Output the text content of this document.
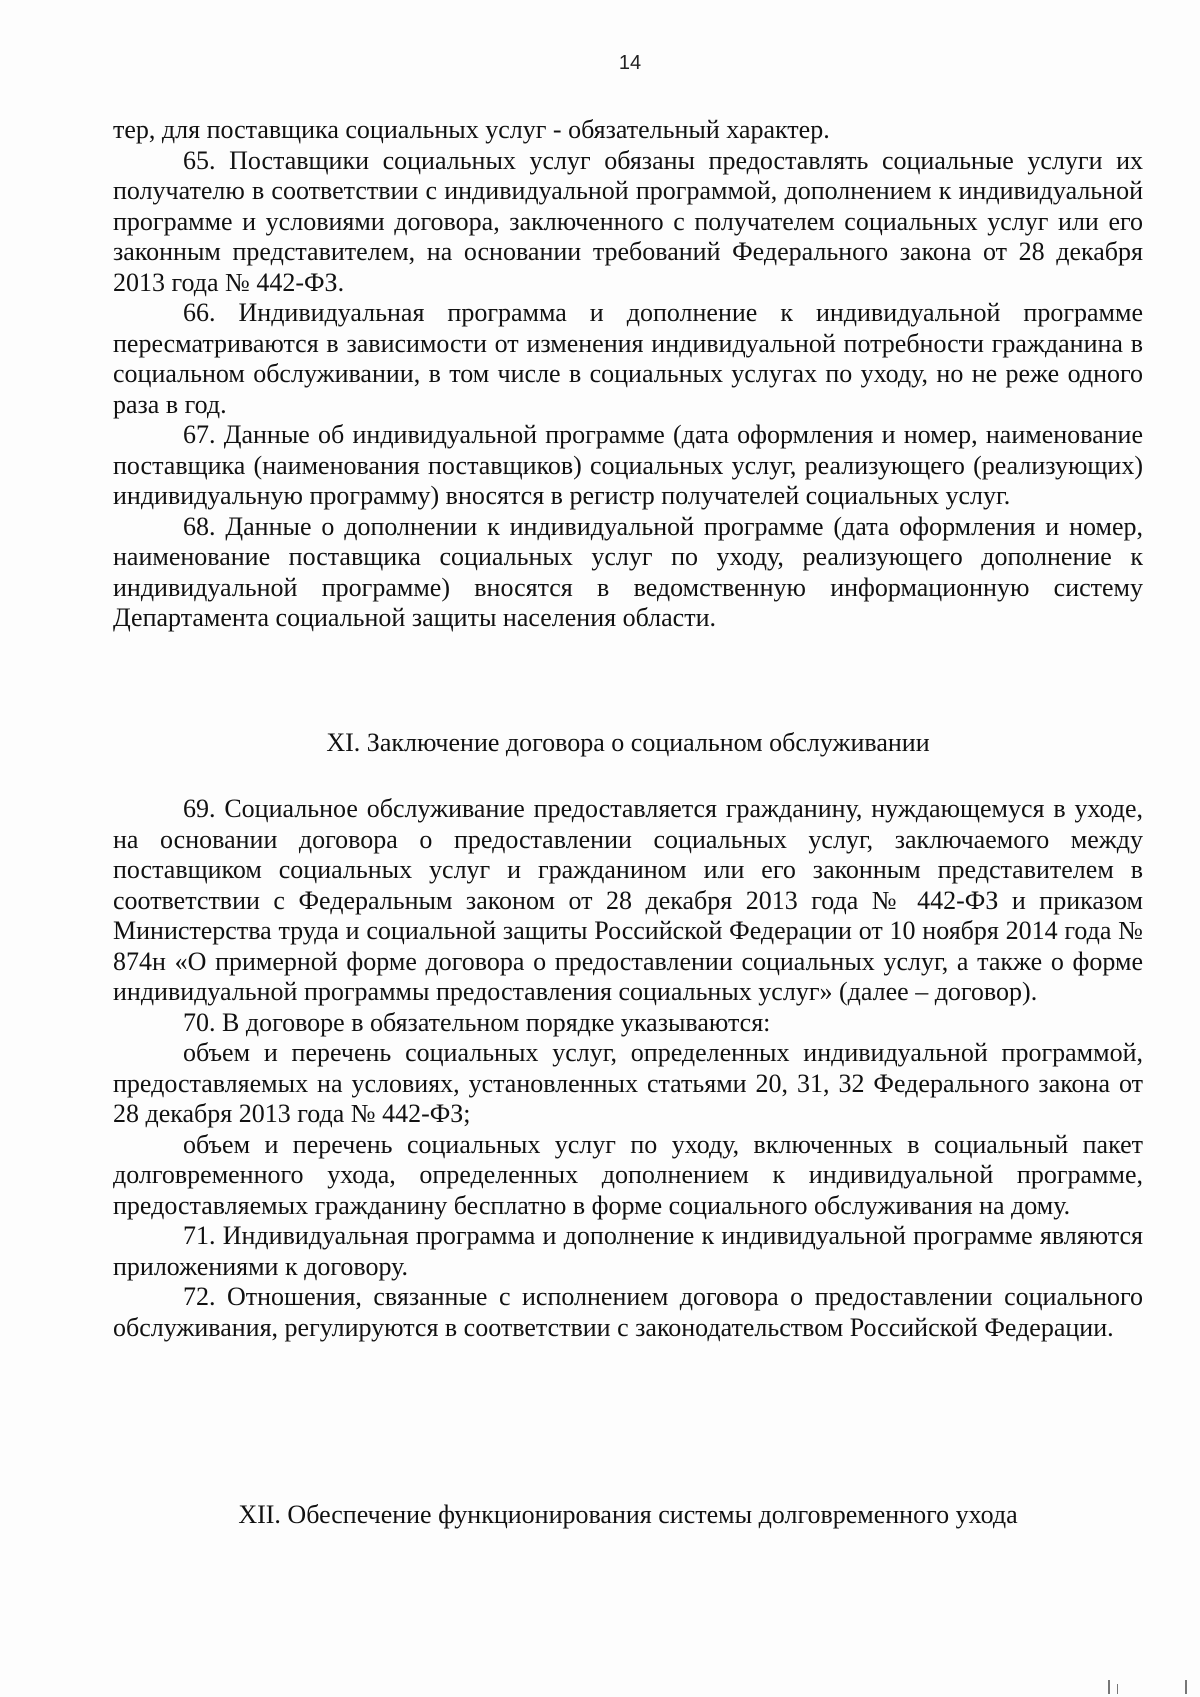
14

тер, для поставщика социальных услуг - обязательный характер.

65. Поставщики социальных услуг обязаны предоставлять социальные услуги их получателю в соответствии с индивидуальной программой, дополнением к индивидуальной программе и условиями договора, заключенного с получателем социальных услуг или его законным представителем, на основании требований Федерального закона от 28 декабря 2013 года № 442-ФЗ.

66. Индивидуальная программа и дополнение к индивидуальной программе пересматриваются в зависимости от изменения индивидуальной потребности гражданина в социальном обслуживании, в том числе в социальных услугах по уходу, но не реже одного раза в год.

67. Данные об индивидуальной программе (дата оформления и номер, наименование поставщика (наименования поставщиков) социальных услуг, реализующего (реализующих) индивидуальную программу) вносятся в регистр получателей социальных услуг.

68. Данные о дополнении к индивидуальной программе (дата оформления и номер, наименование поставщика социальных услуг по уходу, реализующего дополнение к индивидуальной программе) вносятся в ведомственную информационную систему Департамента социальной защиты населения области.

XI. Заключение договора о социальном обслуживании

69. Социальное обслуживание предоставляется гражданину, нуждающемуся в уходе, на основании договора о предоставлении социальных услуг, заключаемого между поставщиком социальных услуг и гражданином или его законным представителем в соответствии с Федеральным законом от 28 декабря 2013 года № 442-ФЗ и приказом Министерства труда и социальной защиты Российской Федерации от 10 ноября 2014 года № 874н «О примерной форме договора о предоставлении социальных услуг, а также о форме индивидуальной программы предоставления социальных услуг» (далее – договор).

70. В договоре в обязательном порядке указываются:

объем и перечень социальных услуг, определенных индивидуальной программой, предоставляемых на условиях, установленных статьями 20, 31, 32 Федерального закона от 28 декабря 2013 года № 442-ФЗ;

объем и перечень социальных услуг по уходу, включенных в социальный пакет долговременного ухода, определенных дополнением к индивидуальной программе, предоставляемых гражданину бесплатно в форме социального обслуживания на дому.

71. Индивидуальная программа и дополнение к индивидуальной программе являются приложениями к договору.

72. Отношения, связанные с исполнением договора о предоставлении социального обслуживания, регулируются в соответствии с законодательством Российской Федерации.

XII. Обеспечение функционирования системы долговременного ухода
